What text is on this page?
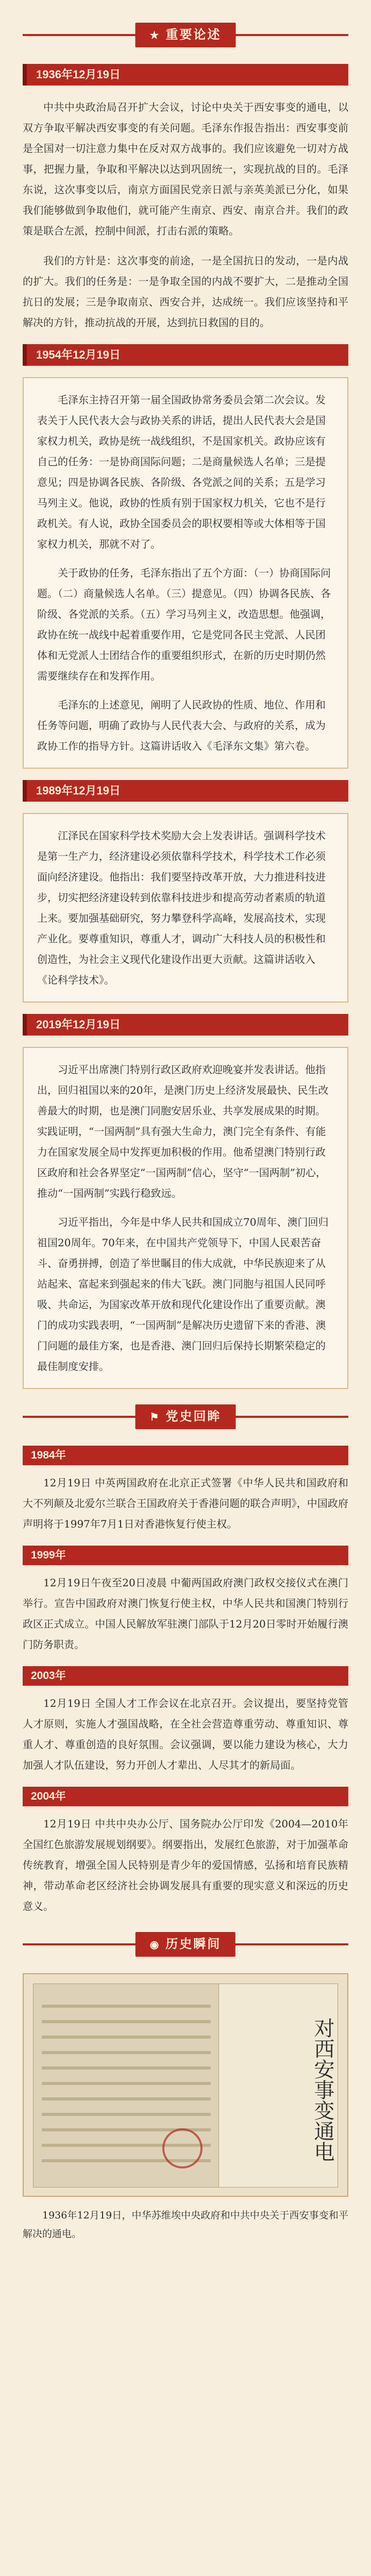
★ 重要论述
1936年12月19日

中共中央政治局召开扩大会议，讨论中央关于西安事变的通电，以双方争取平解决西安事变的有关问题。毛泽东作报告指出：西安事变前是全国对一切注意力集中在反对双方战事的。我们应该避免一切对方战事，把握力量，争取和平解决以达到巩固统一，实现抗战的目的。毛泽东说，这次事变以后，南京方面国民党亲日派与亲英美派已分化，如果我们能够做到争取他们，就可能产生南京、西安、南京合并。我们的政策是联合左派，控制中间派，打击右派的策略。

我们的方针是：这次事变的前途，一是全国抗日的发动，一是内战的扩大。我们的任务是：一是争取全国的内战不要扩大，二是推动全国抗日的发展；三是争取南京、西安合并，达成统一。我们应该坚持和平解决的方针，推动抗战的开展，达到抗日救国的目的。

1954年12月19日

毛泽东主持召开第一届全国政协常务委员会第二次会议。发表关于人民代表大会与政协关系的讲话，提出人民代表大会是国家权力机关，政协是统一战线组织，不是国家机关。政协应该有自己的任务：一是协商国际问题；二是商量候选人名单；三是提意见；四是协调各民族、各阶级、各党派之间的关系；五是学习马列主义。他说，政协的性质有别于国家权力机关，它也不是行政机关。有人说，政协全国委员会的职权要相等或大体相等于国家权力机关，那就不对了。

关于政协的任务，毛泽东指出了五个方面：（一）协商国际问题。（二）商量候选人名单。（三）提意见。（四）协调各民族、各阶级、各党派的关系。（五）学习马列主义，改造思想。他强调，政协在统一战线中起着重要作用，它是党同各民主党派、人民团体和无党派人士团结合作的重要组织形式，在新的历史时期仍然需要继续存在和发挥作用。

毛泽东的上述意见，阐明了人民政协的性质、地位、作用和任务等问题，明确了政协与人民代表大会、与政府的关系，成为政协工作的指导方针。这篇讲话收入《毛泽东文集》第六卷。

1989年12月19日

江泽民在国家科学技术奖励大会上发表讲话。强调科学技术是第一生产力，经济建设必须依靠科学技术，科学技术工作必须面向经济建设。他指出：我们要坚持改革开放，大力推进科技进步，切实把经济建设转到依靠科技进步和提高劳动者素质的轨道上来。要加强基础研究，努力攀登科学高峰，发展高技术，实现产业化。要尊重知识，尊重人才，调动广大科技人员的积极性和创造性，为社会主义现代化建设作出更大贡献。这篇讲话收入《论科学技术》。

2019年12月19日

习近平出席澳门特别行政区政府欢迎晚宴并发表讲话。他指出，回归祖国以来的20年，是澳门历史上经济发展最快、民生改善最大的时期，也是澳门同胞安居乐业、共享发展成果的时期。实践证明，“一国两制”具有强大生命力，澳门完全有条件、有能力在国家发展全局中发挥更加积极的作用。他希望澳门特别行政区政府和社会各界坚定“一国两制”信心，坚守“一国两制”初心，推动“一国两制”实践行稳致远。

习近平指出，今年是中华人民共和国成立70周年、澳门回归祖国20周年。70年来，在中国共产党领导下，中国人民艰苦奋斗、奋勇拼搏，创造了举世瞩目的伟大成就，中华民族迎来了从站起来、富起来到强起来的伟大飞跃。澳门同胞与祖国人民同呼吸、共命运，为国家改革开放和现代化建设作出了重要贡献。澳门的成功实践表明，“一国两制”是解决历史遗留下来的香港、澳门问题的最佳方案，也是香港、澳门回归后保持长期繁荣稳定的最佳制度安排。

⚑ 党史回眸
1984年

12月19日 中英两国政府在北京正式签署《中华人民共和国政府和大不列颠及北爱尔兰联合王国政府关于香港问题的联合声明》，中国政府声明将于1997年7月1日对香港恢复行使主权。

1999年

12月19日午夜至20日凌晨 中葡两国政府澳门政权交接仪式在澳门举行。宣告中国政府对澳门恢复行使主权，中华人民共和国澳门特别行政区正式成立。中国人民解放军驻澳门部队于12月20日零时开始履行澳门防务职责。

2003年

12月19日 全国人才工作会议在北京召开。会议提出，要坚持党管人才原则，实施人才强国战略，在全社会营造尊重劳动、尊重知识、尊重人才、尊重创造的良好氛围。会议强调，要以能力建设为核心，大力加强人才队伍建设，努力开创人才辈出、人尽其才的新局面。

2004年

12月19日 中共中央办公厅、国务院办公厅印发《2004—2010年全国红色旅游发展规划纲要》。纲要指出，发展红色旅游，对于加强革命传统教育，增强全国人民特别是青少年的爱国情感，弘扬和培育民族精神，带动革命老区经济社会协调发展具有重要的现实意义和深远的历史意义。

◉ 历史瞬间
对西安事变通电

1936年12月19日，中华苏维埃中央政府和中共中央关于西安事变和平解决的通电。
